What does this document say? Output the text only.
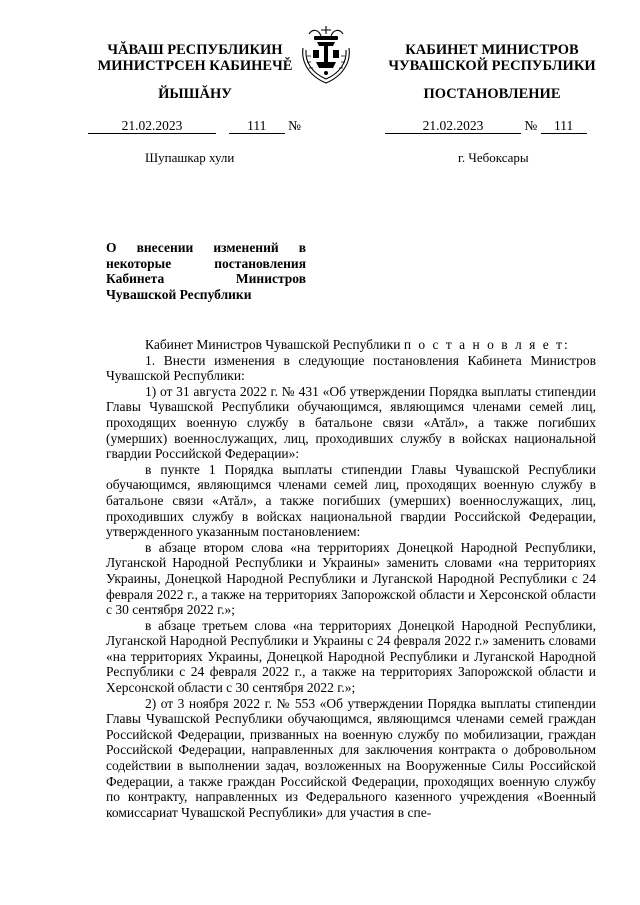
ЧĂВАШ РЕСПУБЛИКИН
МИНИСТРСЕН КАБИНЕЧĚ
ЙЫШĂНУ
КАБИНЕТ МИНИСТРОВ
ЧУВАШСКОЙ РЕСПУБЛИКИ
ПОСТАНОВЛЕНИЕ
21.02.2023	111 №	21.02.2023	№ 111
Шупашкар хули	г. Чебоксары
О внесении изменений в некоторые постановления Кабинета Министров Чувашской Республики

Кабинет Министров Чувашской Республики п о с т а н о в л я е т:

1. Внести изменения в следующие постановления Кабинета Министров Чувашской Республики:

1) от 31 августа 2022 г. № 431 «Об утверждении Порядка выплаты стипендии Главы Чувашской Республики обучающимся, являющимся членами семей лиц, проходящих военную службу в батальоне связи «Атăл», а также погибших (умерших) военнослужащих, лиц, проходивших службу в войсках национальной гвардии Российской Федерации»:

в пункте 1 Порядка выплаты стипендии Главы Чувашской Республики обучающимся, являющимся членами семей лиц, проходящих военную службу в батальоне связи «Атăл», а также погибших (умерших) военнослужащих, лиц, проходивших службу в войсках национальной гвардии Российской Федерации, утвержденного указанным постановлением:

в абзаце втором слова «на территориях Донецкой Народной Республики, Луганской Народной Республики и Украины» заменить словами «на территориях Украины, Донецкой Народной Республики и Луганской Народной Республики с 24 февраля 2022 г., а также на территориях Запорожской области и Херсонской области с 30 сентября 2022 г.»;

в абзаце третьем слова «на территориях Донецкой Народной Республики, Луганской Народной Республики и Украины с 24 февраля 2022 г.» заменить словами «на территориях Украины, Донецкой Народной Республики и Луганской Народной Республики с 24 февраля 2022 г., а также на территориях Запорожской области и Херсонской области с 30 сентября 2022 г.»;

2) от 3 ноября 2022 г. № 553 «Об утверждении Порядка выплаты стипендии Главы Чувашской Республики обучающимся, являющимся членами семей граждан Российской Федерации, призванных на военную службу по мобилизации, граждан Российской Федерации, направленных для заключения контракта о добровольном содействии в выполнении задач, возложенных на Вооруженные Силы Российской Федерации, а также граждан Российской Федерации, проходящих военную службу по контракту, направленных из Федерального казенного учреждения «Военный комиссариат Чувашской Республики» для участия в спе-
